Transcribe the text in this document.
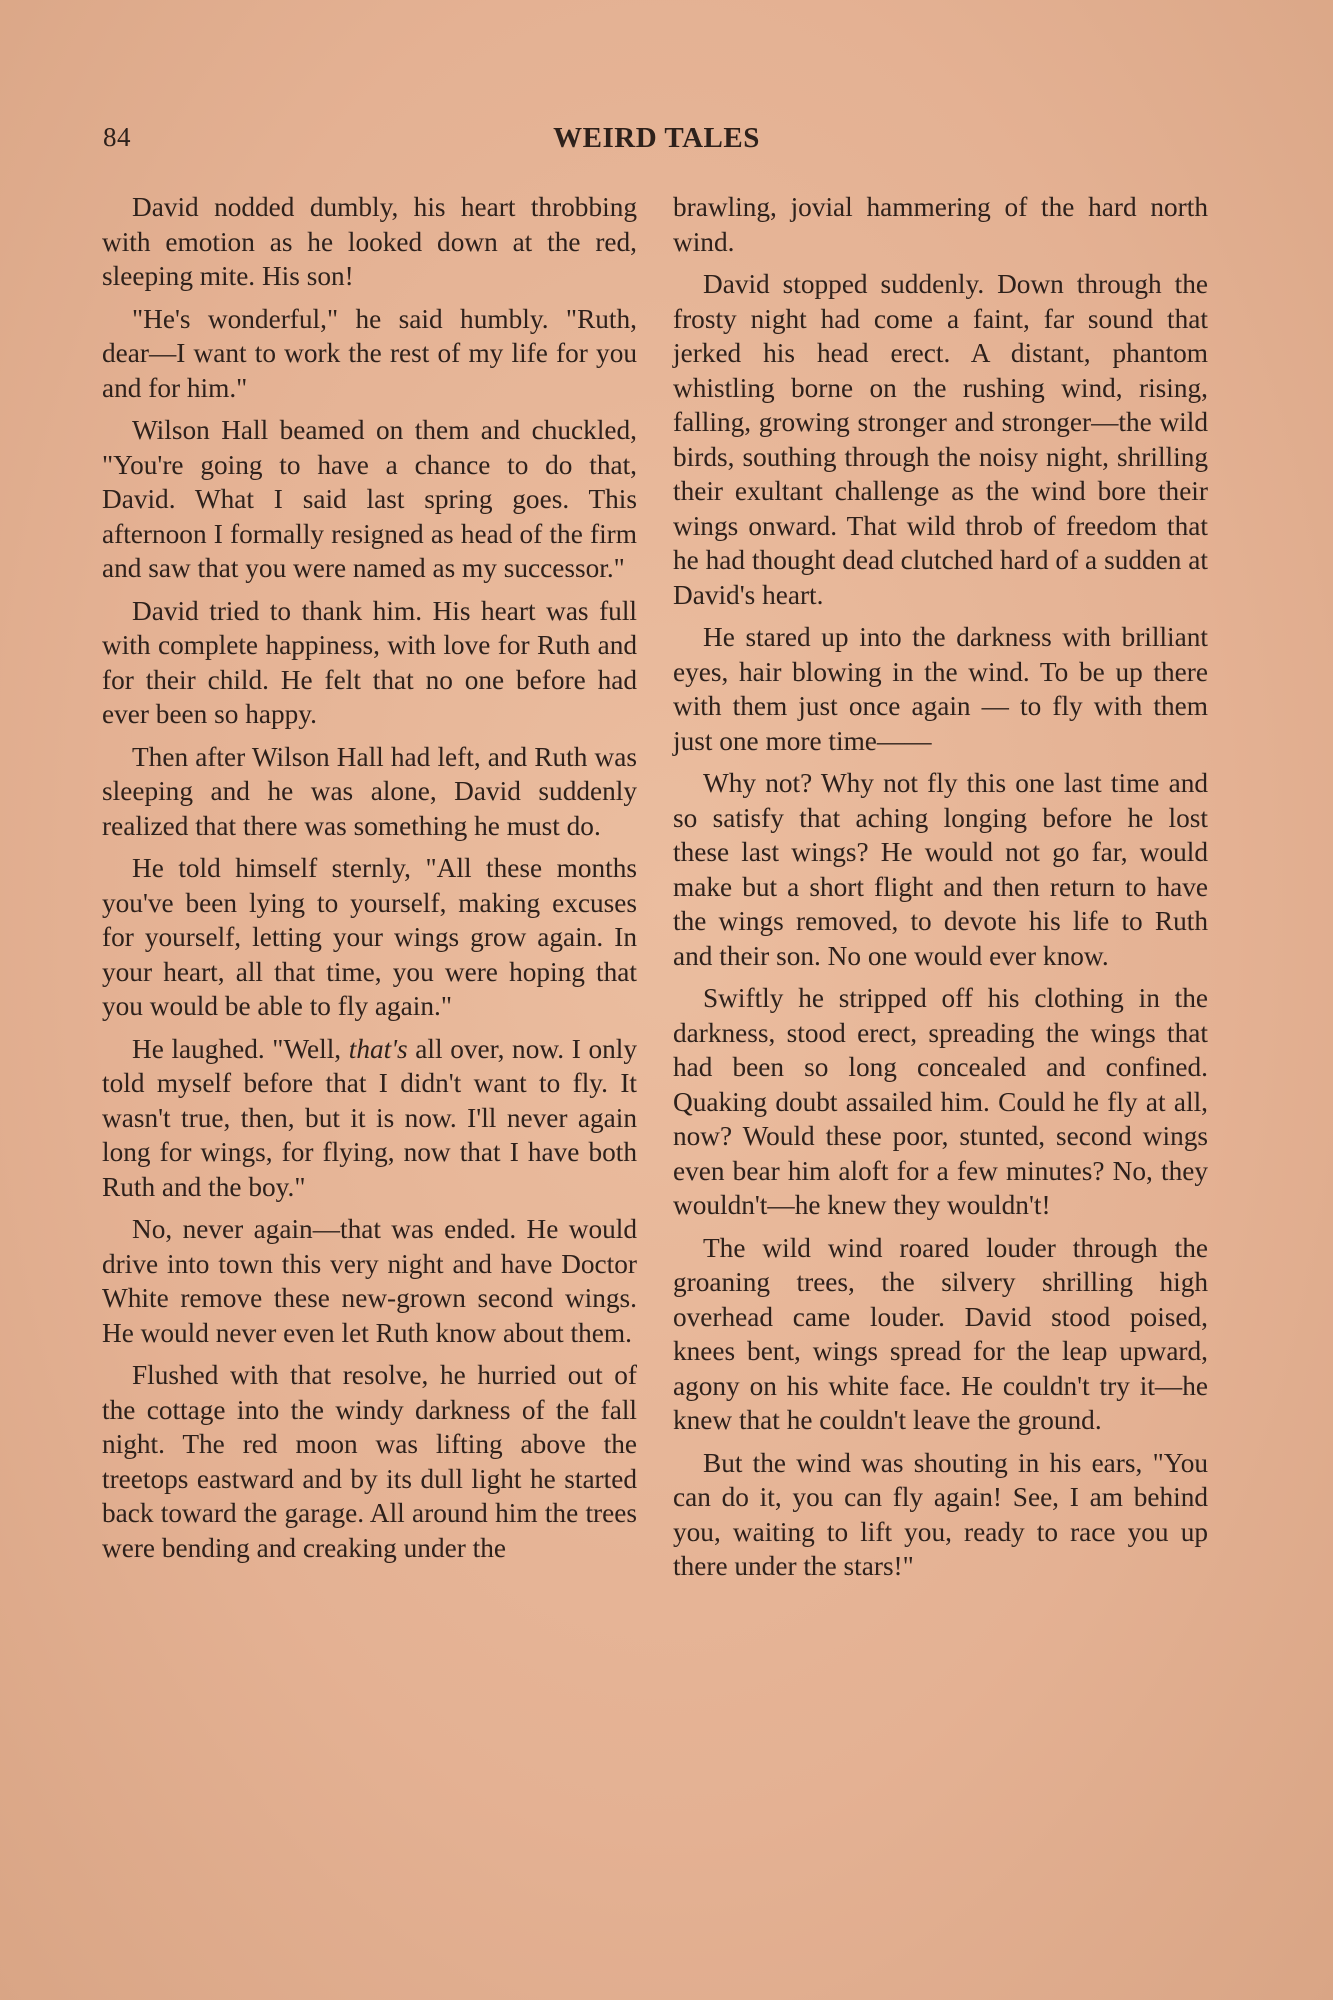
84	WEIRD TALES

David nodded dumbly, his heart throbbing with emotion as he looked down at the red, sleeping mite. His son!

"He's wonderful," he said humbly. "Ruth, dear—I want to work the rest of my life for you and for him."

Wilson Hall beamed on them and chuckled, "You're going to have a chance to do that, David. What I said last spring goes. This afternoon I formally resigned as head of the firm and saw that you were named as my successor."

David tried to thank him. His heart was full with complete happiness, with love for Ruth and for their child. He felt that no one before had ever been so happy.

Then after Wilson Hall had left, and Ruth was sleeping and he was alone, David suddenly realized that there was something he must do.

He told himself sternly, "All these months you've been lying to yourself, making excuses for yourself, letting your wings grow again. In your heart, all that time, you were hoping that you would be able to fly again."

He laughed. "Well, that's all over, now. I only told myself before that I didn't want to fly. It wasn't true, then, but it is now. I'll never again long for wings, for flying, now that I have both Ruth and the boy."

No, never again—that was ended. He would drive into town this very night and have Doctor White remove these new-grown second wings. He would never even let Ruth know about them.

Flushed with that resolve, he hurried out of the cottage into the windy darkness of the fall night. The red moon was lifting above the treetops eastward and by its dull light he started back toward the garage. All around him the trees were bending and creaking under the

brawling, jovial hammering of the hard north wind.

David stopped suddenly. Down through the frosty night had come a faint, far sound that jerked his head erect. A distant, phantom whistling borne on the rushing wind, rising, falling, growing stronger and stronger—the wild birds, southing through the noisy night, shrilling their exultant challenge as the wind bore their wings onward. That wild throb of freedom that he had thought dead clutched hard of a sudden at David's heart.

He stared up into the darkness with brilliant eyes, hair blowing in the wind. To be up there with them just once again — to fly with them just one more time——

Why not? Why not fly this one last time and so satisfy that aching longing before he lost these last wings? He would not go far, would make but a short flight and then return to have the wings removed, to devote his life to Ruth and their son. No one would ever know.

Swiftly he stripped off his clothing in the darkness, stood erect, spreading the wings that had been so long concealed and confined. Quaking doubt assailed him. Could he fly at all, now? Would these poor, stunted, second wings even bear him aloft for a few minutes? No, they wouldn't—he knew they wouldn't!

The wild wind roared louder through the groaning trees, the silvery shrilling high overhead came louder. David stood poised, knees bent, wings spread for the leap upward, agony on his white face. He couldn't try it—he knew that he couldn't leave the ground.

But the wind was shouting in his ears, "You can do it, you can fly again! See, I am behind you, waiting to lift you, ready to race you up there under the stars!"
